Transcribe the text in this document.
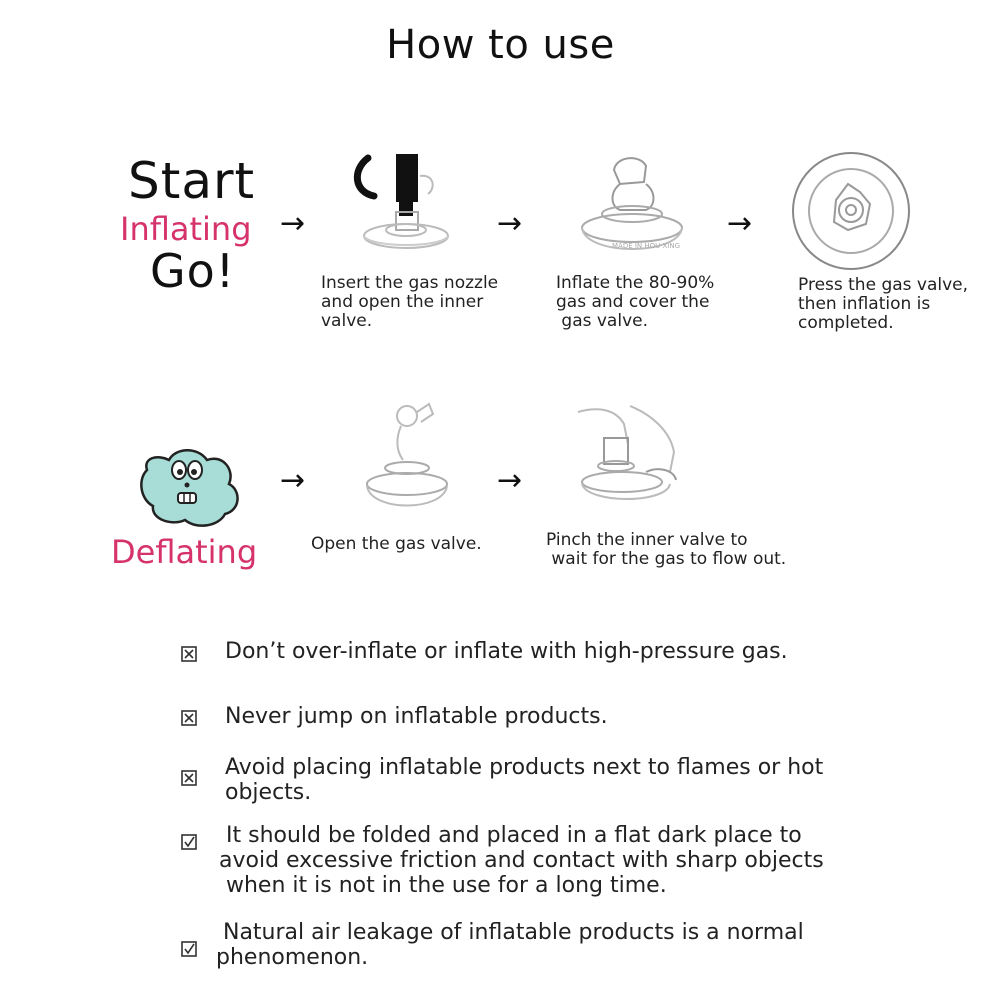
How to use
Start
Inflating
Go!
→	→	→
MADE IN HOU XING
Insert the gas nozzle
and open the inner
valve.
Inflate the 80-90%
gas and cover the
gas valve.
Press the gas valve,
then inflation is
completed.
Deflating
→	→
Open the gas valve.	Pinch the inner valve to
wait for the gas to flow out.
Don’t over-inflate or inflate with high-pressure gas.
Never jump on inflatable products.
Avoid placing inflatable products next to flames or hot
objects.
It should be folded and placed in a flat dark place to
avoid excessive friction and contact with sharp objects
when it is not in the use for a long time.
Natural air leakage of inflatable products is a normal
phenomenon.
